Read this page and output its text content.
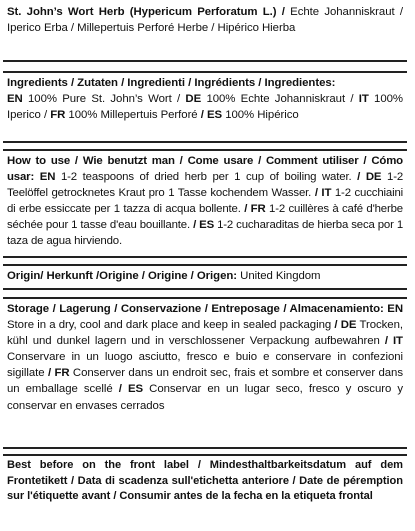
St. John’s Wort Herb (Hypericum Perforatum L.) / Echte Johanniskraut / Iperico Erba / Millepertuis Perforé Herbe / Hipérico Hierba
Ingredients / Zutaten / Ingredienti / Ingrédients / Ingredientes:
EN 100% Pure St. John’s Wort / DE 100% Echte Johanniskraut / IT 100% Iperico / FR 100% Millepertuis Perforé / ES 100% Hipérico
How to use / Wie benutzt man / Come usare / Comment utiliser / Cómo usar: EN 1-2 teaspoons of dried herb per 1 cup of boiling water. / DE 1-2 Teelöffel getrocknetes Kraut pro 1 Tasse kochendem Wasser. / IT 1-2 cucchiaini di erbe essiccate per 1 tazza di acqua bollente. / FR 1-2 cuillères à café d'herbe séchée pour 1 tasse d'eau bouillante. / ES 1-2 cucharaditas de hierba seca por 1 taza de agua hirviendo.
Origin/ Herkunft /Origine / Origine / Origen: United Kingdom
Storage / Lagerung / Conservazione / Entreposage / Almacenamiento: EN Store in a dry, cool and dark place and keep in sealed packaging / DE Trocken, kühl und dunkel lagern und in verschlossener Verpackung aufbewahren / IT Conservare in un luogo asciutto, fresco e buio e conservare in confezioni sigillate / FR Conserver dans un endroit sec, frais et sombre et conserver dans un emballage scellé / ES Conservar en un lugar seco, fresco y oscuro y conservar en envases cerrados
Best before on the front label / Mindesthaltbarkeitsdatum auf dem Frontetikett / Data di scadenza sull'etichetta anteriore / Date de péremption sur l'étiquette avant / Consumir antes de la fecha en la etiqueta frontal
